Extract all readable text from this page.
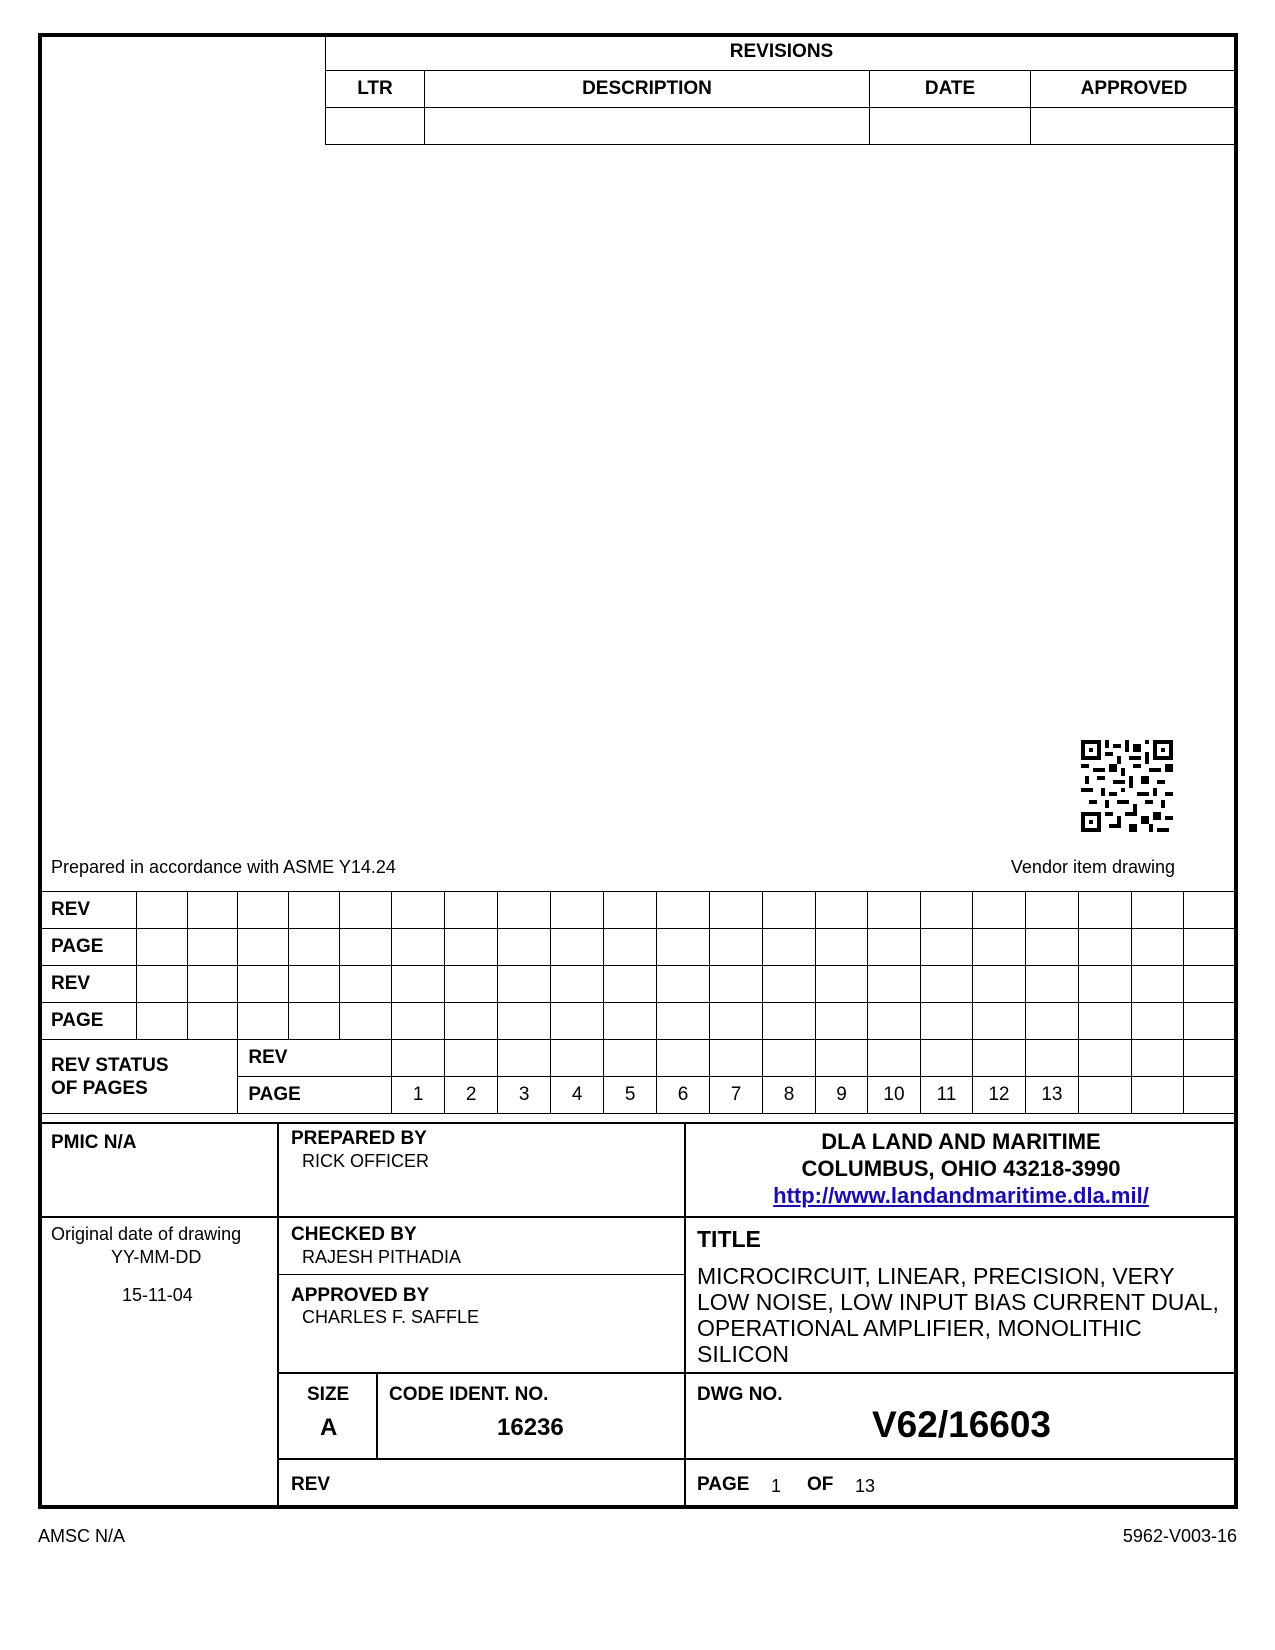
REVISIONS			
LTR	DESCRIPTION	DATE	APPROVED

Prepared in accordance with ASME Y14.24	Vendor item drawing
REV																					
PAGE																					
REV																					
PAGE																					
REV STATUS
OF PAGES			REV																		
			PAGE			1	2	3	4	5	6	7	8	9	10	11	12	13			
PMIC N/A	PREPARED BY
RICK OFFICER
DLA LAND AND MARITIME
COLUMBUS, OHIO 43218-3990
http://www.landandmaritime.dla.mil/
Original date of drawing
YY-MM-DD
15-11-04
CHECKED BY
RAJESH PITHADIA
APPROVED BY
CHARLES F. SAFFLE
TITLE
MICROCIRCUIT, LINEAR, PRECISION, VERY LOW NOISE, LOW INPUT BIAS CURRENT DUAL, OPERATIONAL AMPLIFIER, MONOLITHIC SILICON
SIZE
A
CODE IDENT. NO.
16236
DWG NO.
V62/16603
REV	PAGE 1 OF 13
AMSC N/A	5962-V003-16
